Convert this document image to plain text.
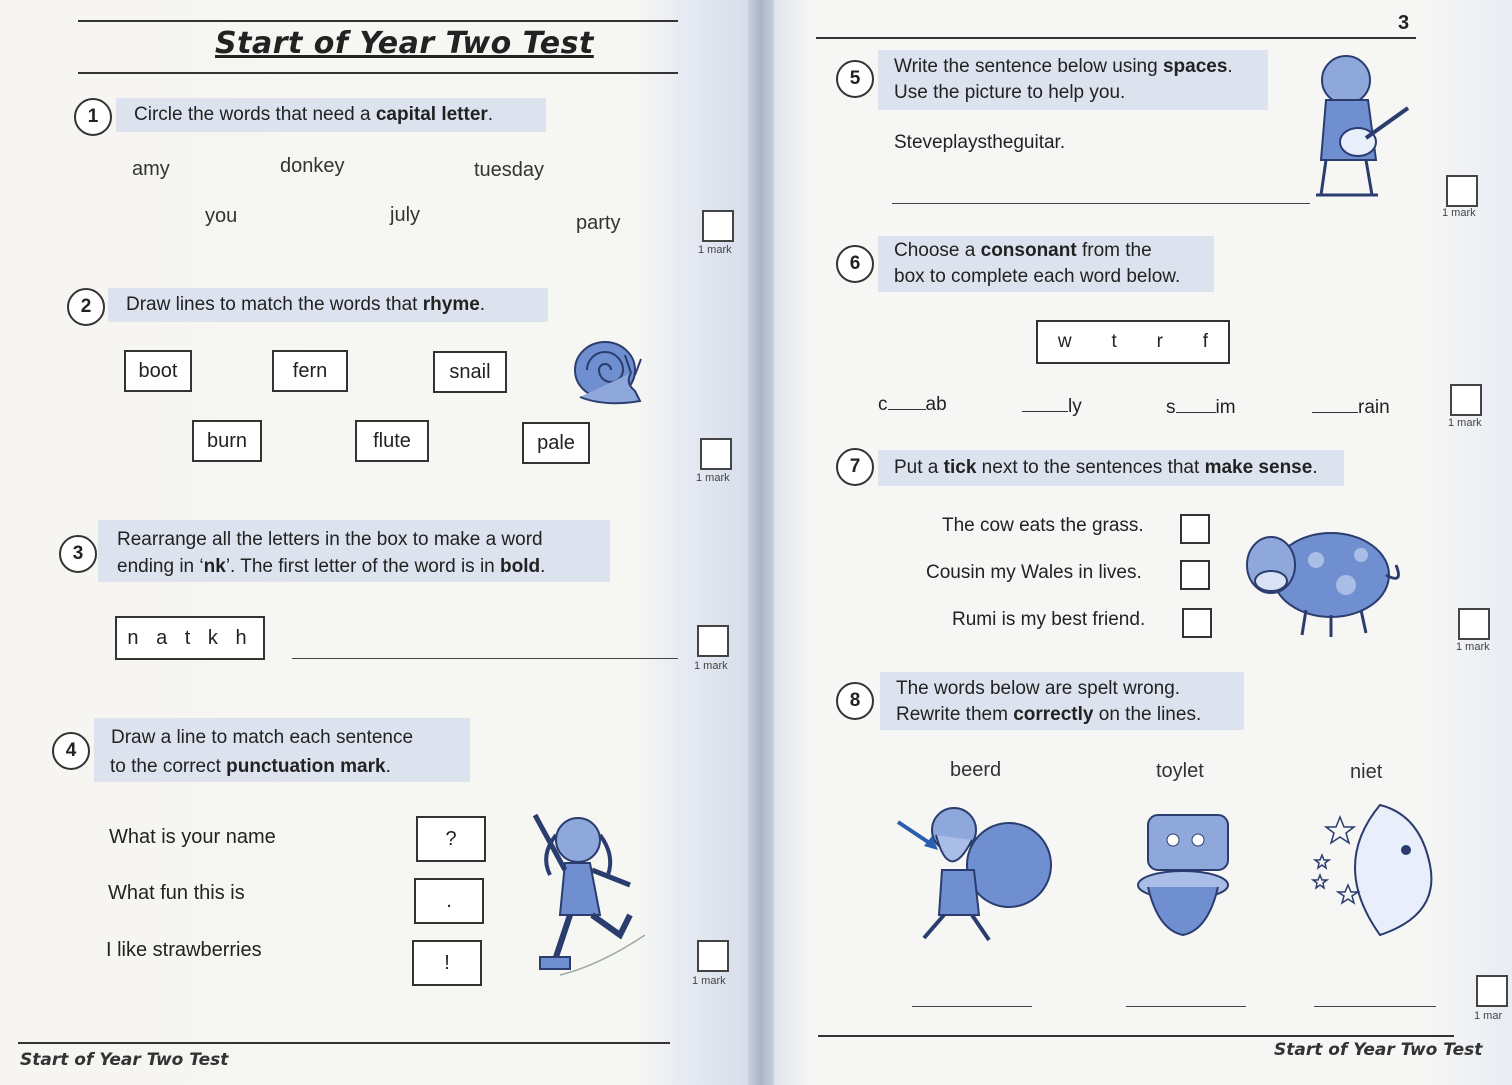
Start of Year Two Test
1	Circle the words that need a capital letter.
amy	donkey	tuesday
you	july	party
1 mark
2	Draw lines to match the words that rhyme.
boot	fern	snail
burn	flute	pale
1 mark
3
Rearrange all the letters in the box to make a word
ending in ‘nk’. The first letter of the word is in bold.
n a t k h
1 mark
4
Draw a line to match each sentence
to the correct punctuation mark.
What is your name
What fun this is
I like strawberries
?
.
!
1 mark
Start of Year Two Test
3
5
Write the sentence below using spaces.
Use the picture to help you.
Steveplaystheguitar.
1 mark
6
Choose a consonant from the
box to complete each word below.
w t r f
c ab	ly	s im	rain
1 mark
7	Put a tick next to the sentences that make sense.
The cow eats the grass.
Cousin my Wales in lives.
Rumi is my best friend.
1 mark
8
The words below are spelt wrong.
Rewrite them correctly on the lines.
beerd	toylet	niet
1 mar
Start of Year Two Test
